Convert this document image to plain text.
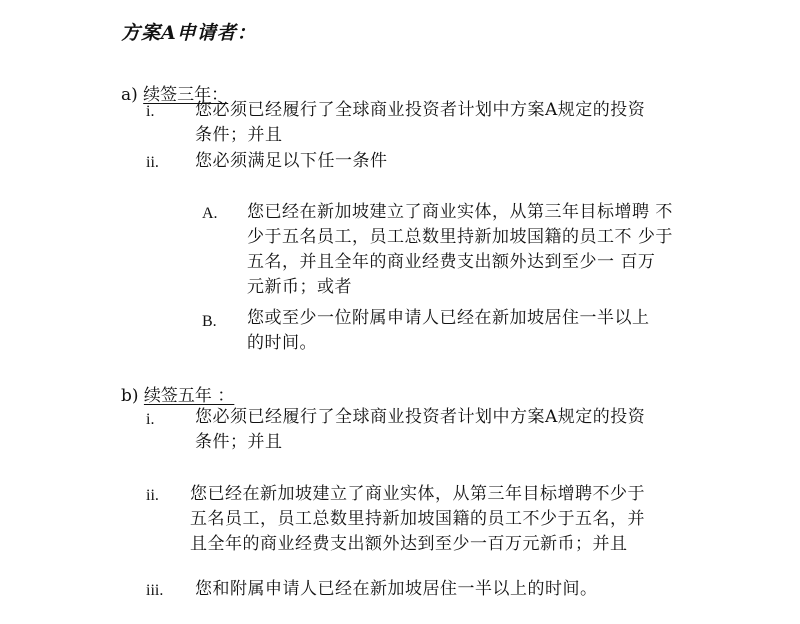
方案A申请者：
a) 续签三年：
i. 您必须已经履行了全球商业投资者计划中方案A规定的投资
条件；并且
ii. 您必须满足以下任一条件
A. 您已经在新加坡建立了商业实体，从第三年目标增聘 不
少于五名员工，员工总数里持新加坡国籍的员工不 少于
五名，并且全年的商业经费支出额外达到至少一 百万
元新币；或者
B. 您或至少一位附属申请人已经在新加坡居住一半以上
的时间。
b) 续签五年 ：
i. 您必须已经履行了全球商业投资者计划中方案A规定的投资
条件；并且
ii. 您已经在新加坡建立了商业实体，从第三年目标增聘不少于
五名员工，员工总数里持新加坡国籍的员工不少于五名，并
且全年的商业经费支出额外达到至少一百万元新币；并且
iii. 您和附属申请人已经在新加坡居住一半以上的时间。
